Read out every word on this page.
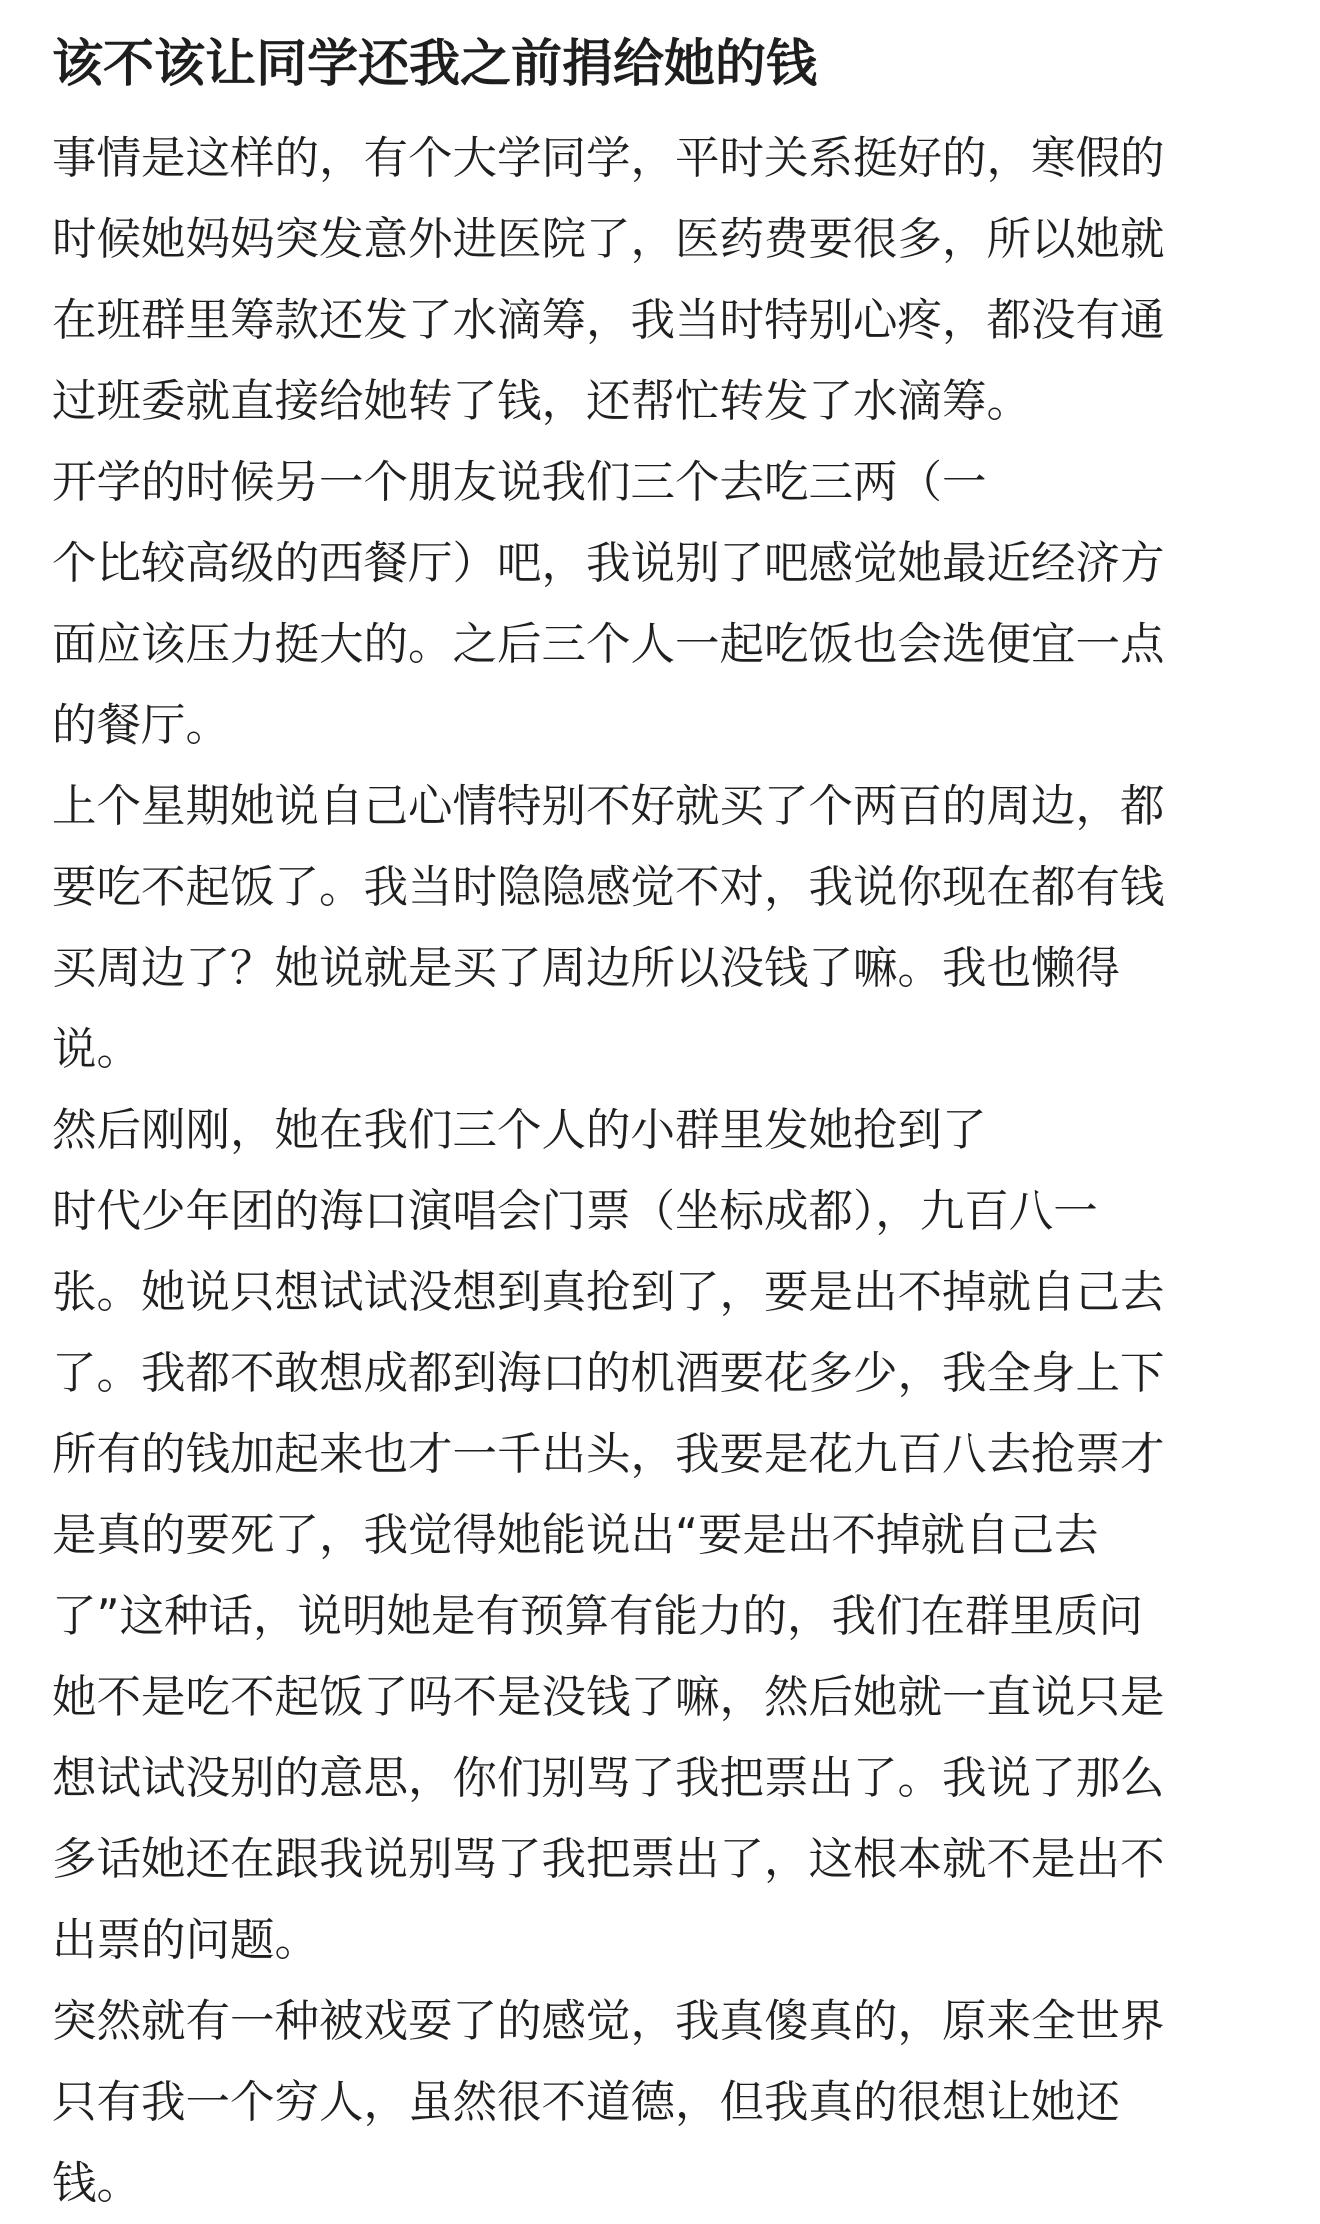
该不该让同学还我之前捐给她的钱
事情是这样的，有个大学同学，平时关系挺好的，寒假的
时候她妈妈突发意外进医院了，医药费要很多，所以她就
在班群里筹款还发了水滴筹，我当时特别心疼，都没有通
过班委就直接给她转了钱，还帮忙转发了水滴筹。
开学的时候另一个朋友说我们三个去吃三两（一
个比较高级的西餐厅）吧，我说别了吧感觉她最近经济方
面应该压力挺大的。之后三个人一起吃饭也会选便宜一点
的餐厅。
上个星期她说自己心情特别不好就买了个两百的周边，都
要吃不起饭了。我当时隐隐感觉不对，我说你现在都有钱
买周边了？她说就是买了周边所以没钱了嘛。我也懒得
说。
然后刚刚，她在我们三个人的小群里发她抢到了
时代少年团的海口演唱会门票（坐标成都），九百八一
张。她说只想试试没想到真抢到了，要是出不掉就自己去
了。我都不敢想成都到海口的机酒要花多少，我全身上下
所有的钱加起来也才一千出头，我要是花九百八去抢票才
是真的要死了，我觉得她能说出“要是出不掉就自己去
了”这种话，说明她是有预算有能力的，我们在群里质问
她不是吃不起饭了吗不是没钱了嘛，然后她就一直说只是
想试试没别的意思，你们别骂了我把票出了。我说了那么
多话她还在跟我说别骂了我把票出了，这根本就不是出不
出票的问题。
突然就有一种被戏耍了的感觉，我真傻真的，原来全世界
只有我一个穷人，虽然很不道德，但我真的很想让她还
钱。
